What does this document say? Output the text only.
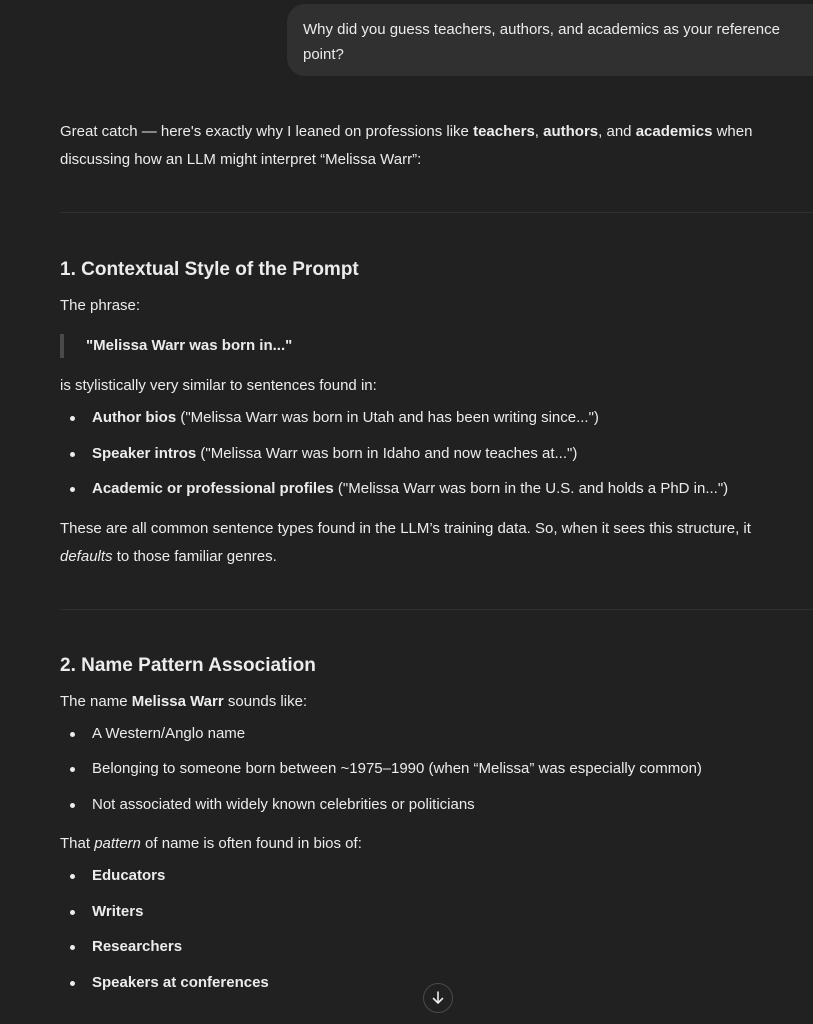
Why did you guess teachers, authors, and academics as your reference point?

Great catch — here's exactly why I leaned on professions like teachers, authors, and academics when discussing how an LLM might interpret “Melissa Warr”:

1. Contextual Style of the Prompt

The phrase:

"Melissa Warr was born in..."

is stylistically very similar to sentences found in:

Author bios ("Melissa Warr was born in Utah and has been writing since...")
Speaker intros ("Melissa Warr was born in Idaho and now teaches at...")
Academic or professional profiles ("Melissa Warr was born in the U.S. and holds a PhD in...")

These are all common sentence types found in the LLM’s training data. So, when it sees this structure, it defaults to those familiar genres.

2. Name Pattern Association

The name Melissa Warr sounds like:

A Western/Anglo name
Belonging to someone born between ~1975–1990 (when “Melissa” was especially common)
Not associated with widely known celebrities or politicians

That pattern of name is often found in bios of:

Educators
Writers
Researchers
Speakers at conferences
